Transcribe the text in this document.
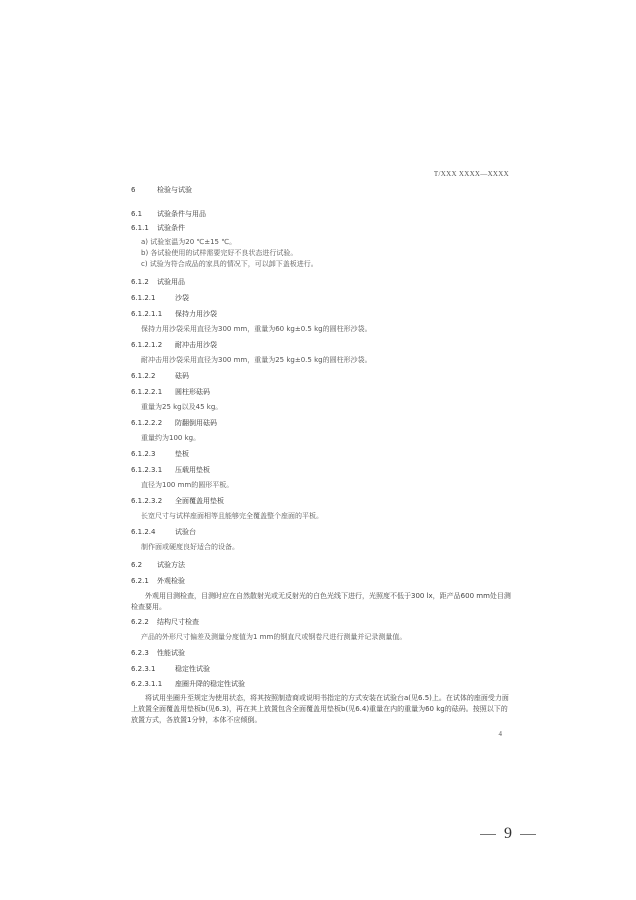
T/XXX XXXX—XXXX
6	检验与试验
6.1 试验条件与用品
6.1.1 试验条件
a) 试验室温为20 ℃±15 ℃。
b) 各试验使用的试样需要完好不良状态进行试验。
c) 试验为符合成品的家具的情况下，可以卸下盖板进行。
6.1.2 试验用品
6.1.2.1	沙袋
6.1.2.1.1 保持力用沙袋
保持力用沙袋采用直径为300 mm，重量为60 kg±0.5 kg的圆柱形沙袋。
6.1.2.1.2 耐冲击用沙袋
耐冲击用沙袋采用直径为300 mm，重量为25 kg±0.5 kg的圆柱形沙袋。
6.1.2.2	砝码
6.1.2.2.1 圆柱形砝码
重量为25 kg以及45 kg。
6.1.2.2.2 防翻倒用砝码
重量约为100 kg。
6.1.2.3	垫板
6.1.2.3.1 压载用垫板
直径为100 mm的圆形平板。
6.1.2.3.2 全面覆盖用垫板
长宽尺寸与试样座面相等且能够完全覆盖整个座面的平板。
6.1.2.4	试验台
制作面或硬度良好适合的设备。
6.2 试验方法
6.2.1 外观检验
外观用目测检查，目测时应在自然散射光或无反射光的白色光线下进行，光照度不低于300 lx，距产品600 mm处目测检查要用。
6.2.2 结构尺寸检查
产品的外形尺寸偏差及测量分度值为1 mm的钢直尺或钢卷尺进行测量并记录测量值。
6.2.3 性能试验
6.2.3.1	稳定性试验
6.2.3.1.1 座圈升降的稳定性试验
将试用坐圈升至规定为使用状态，将其按照制造商或说明书指定的方式安装在试验台a(见6.5)上。在试体的座面受力面上放置全面覆盖用垫板b(见6.3)，再在其上放置包含全面覆盖用垫板b(见6.4)重量在内的重量为60 kg的砝码。按照以下的放置方式，各放置1分钟，本体不应倾倒。
4
9
